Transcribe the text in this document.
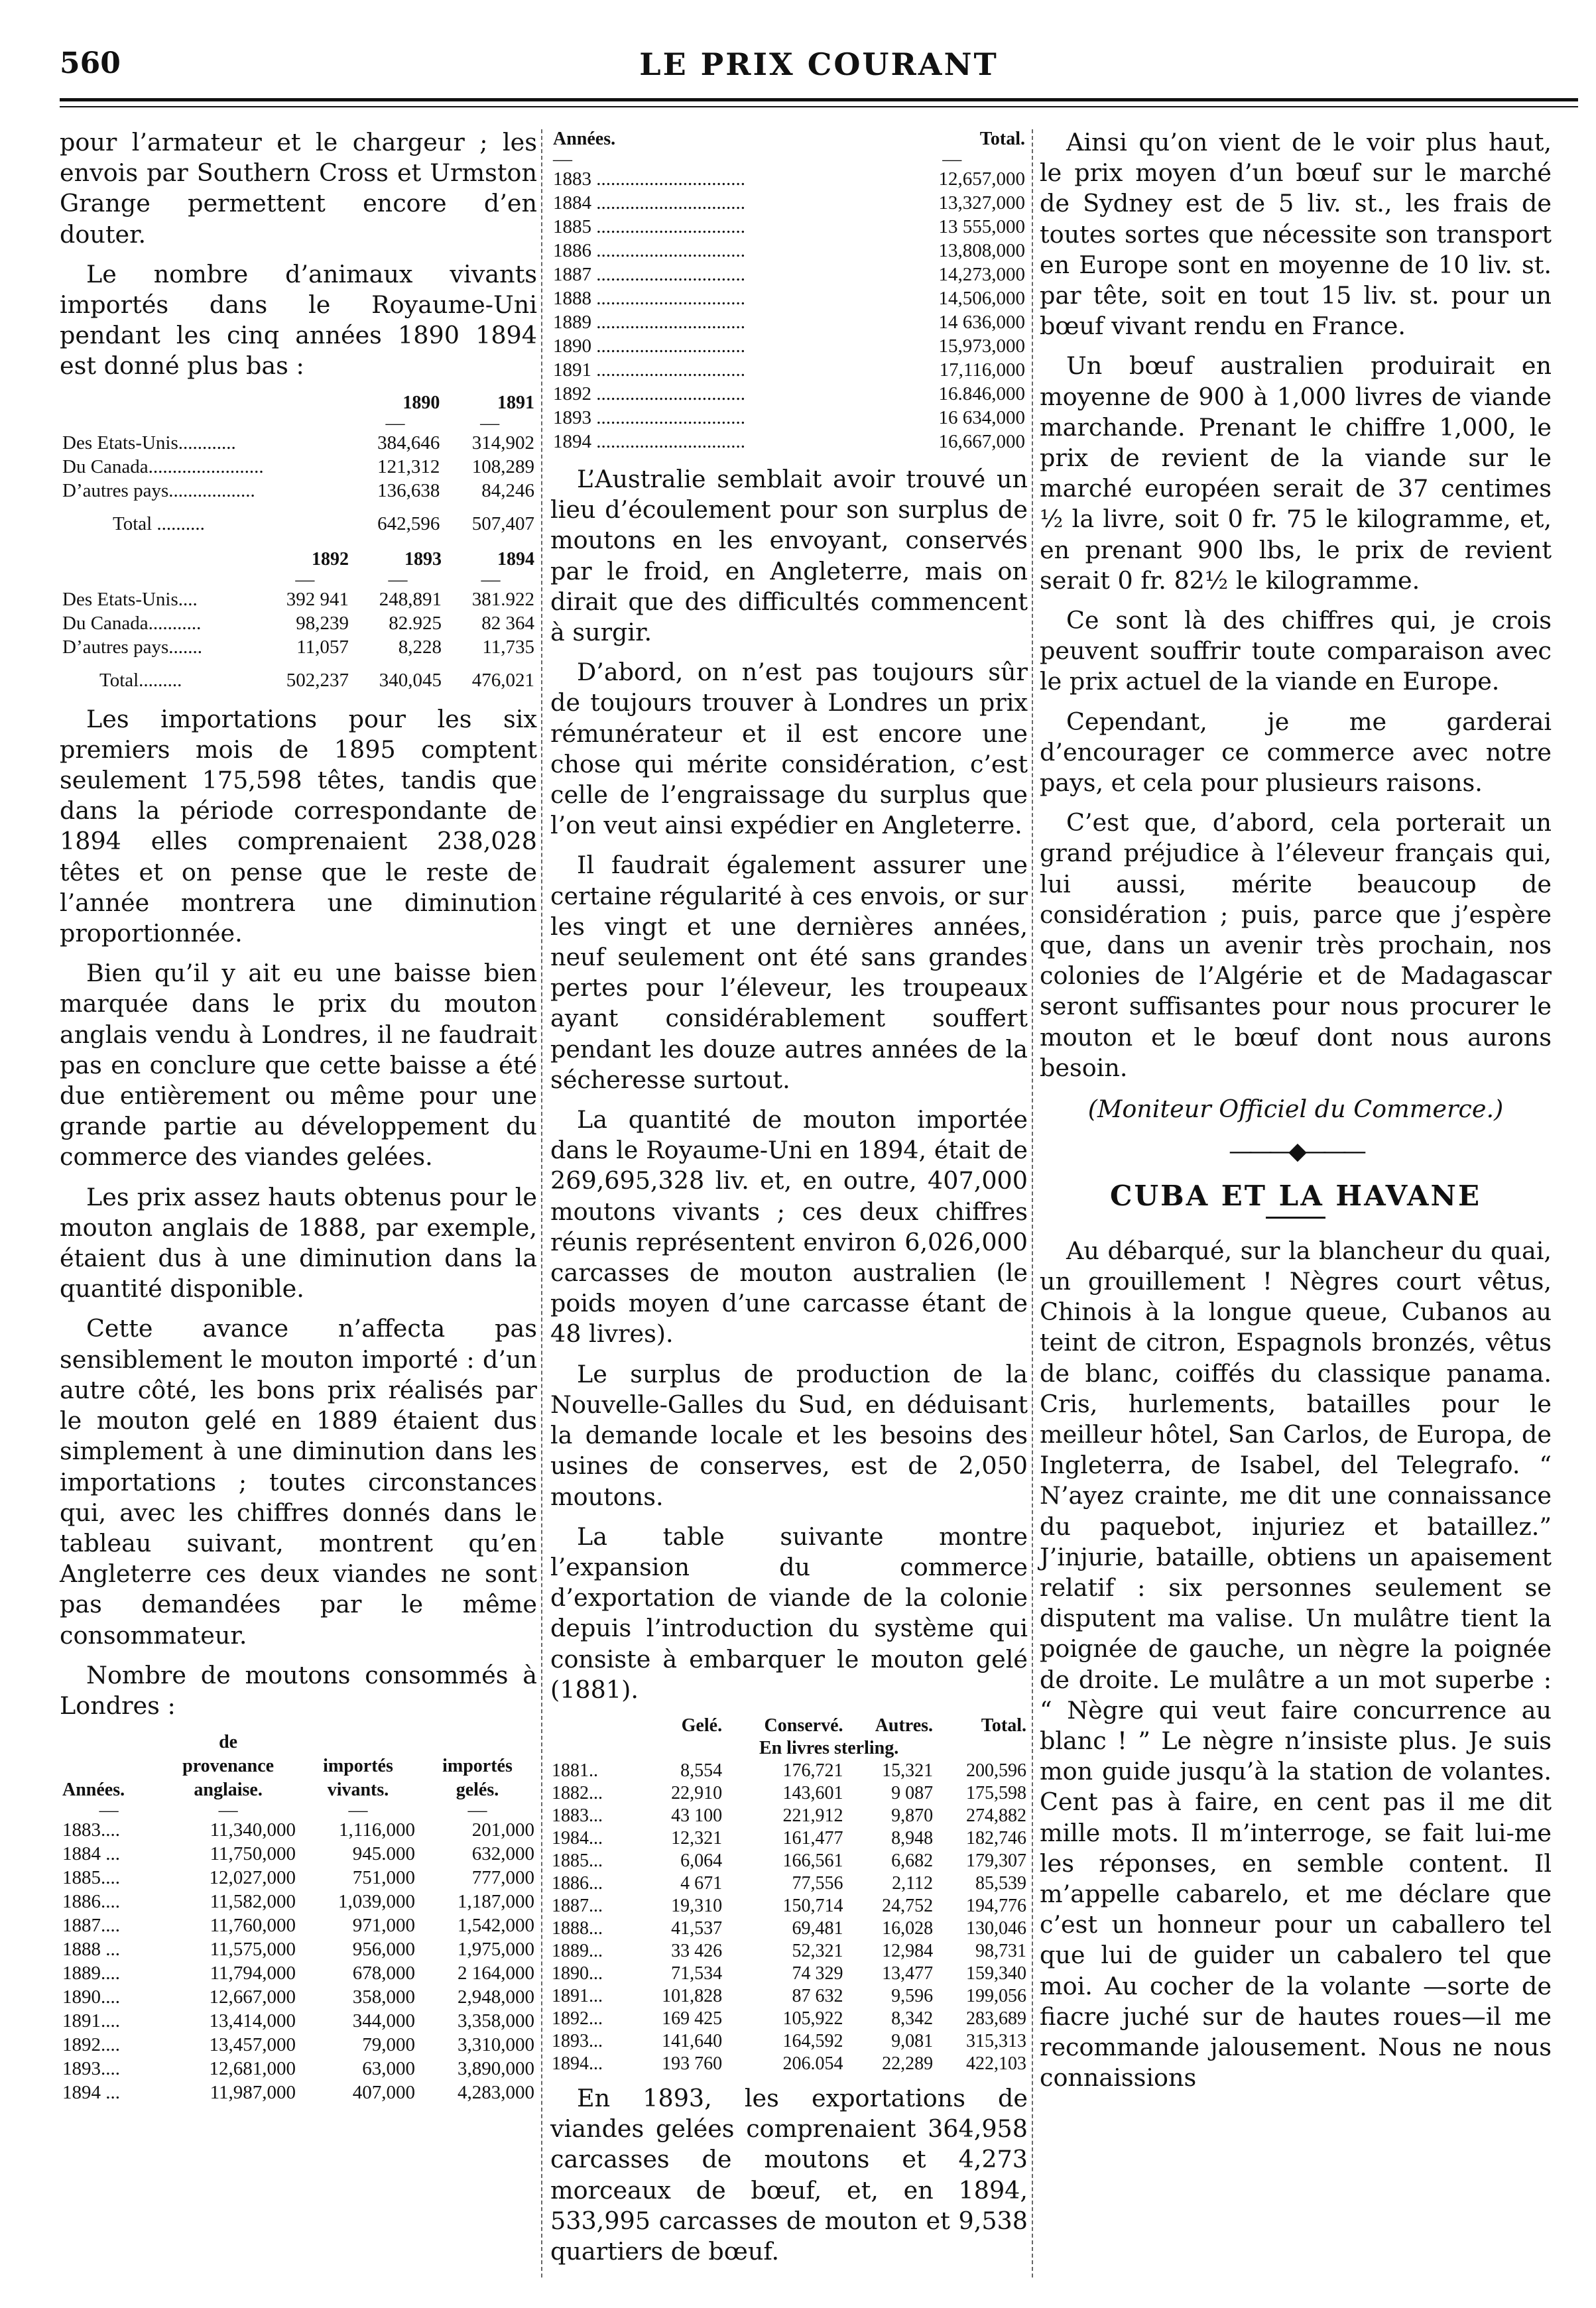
560	LE PRIX COURANT

pour l’armateur et le chargeur ; les envois par Southern Cross et Urmston Grange permettent encore d’en douter.

Le nombre d’animaux vivants importés dans le Royaume-Uni pendant les cinq années 1890 1894 est donné plus bas :

	1890	1891
	—	—
Des Etats-Unis............	384,646	314,902
Du Canada........................	121,312	108,289
D’autres pays..................	136,638	84,246
Total ..........	642,596	507,407
	1892	1893	1894
	—	—	—
Des Etats-Unis....	392 941	248,891	381.922
Du Canada...........	98,239	82.925	82 364
D’autres pays.......	11,057	8,228	11,735
Total.........	502,237	340,045	476,021

Les importations pour les six premiers mois de 1895 comptent seulement 175,598 têtes, tandis que dans la période correspondante de 1894 elles comprenaient 238,028 têtes et on pense que le reste de l’année montrera une diminution proportionnée.

Bien qu’il y ait eu une baisse bien marquée dans le prix du mouton anglais vendu à Londres, il ne faudrait pas en conclure que cette baisse a été due entièrement ou même pour une grande partie au développement du commerce des viandes gelées.

Les prix assez hauts obtenus pour le mouton anglais de 1888, par exemple, étaient dus à une diminution dans la quantité disponible.

Cette avance n’affecta pas sensiblement le mouton importé : d’un autre côté, les bons prix réalisés par le mouton gelé en 1889 étaient dus simplement à une diminution dans les importations ; toutes circonstances qui, avec les chiffres donnés dans le tableau suivant, montrent qu’en Angleterre ces deux viandes ne sont pas demandées par le même consommateur.

Nombre de moutons consommés à Londres :

	de		
	provenance	importés	importés
Années.	anglaise.	vivants.	gelés.
—	—	—	—
1883....	11,340,000	1,116,000	201,000
1884 ...	11,750,000	945.000	632,000
1885....	12,027,000	751,000	777,000
1886....	11,582,000	1,039,000	1,187,000
1887....	11,760,000	971,000	1,542,000
1888 ...	11,575,000	956,000	1,975,000
1889....	11,794,000	678,000	2 164,000
1890....	12,667,000	358,000	2,948,000
1891....	13,414,000	344,000	3,358,000
1892....	13,457,000	79,000	3,310,000
1893....	12,681,000	63,000	3,890,000
1894 ...	11,987,000	407,000	4,283,000
Années.	Total.
—	—
1883 ...............................	12,657,000
1884 ...............................	13,327,000
1885 ...............................	13 555,000
1886 ...............................	13,808,000
1887 ...............................	14,273,000
1888 ...............................	14,506,000
1889 ...............................	14 636,000
1890 ...............................	15,973,000
1891 ...............................	17,116,000
1892 ...............................	16.846,000
1893 ...............................	16 634,000
1894 ...............................	16,667,000

L’Australie semblait avoir trouvé un lieu d’écoulement pour son surplus de moutons en les envoyant, conservés par le froid, en Angleterre, mais on dirait que des difficultés commencent à surgir.

D’abord, on n’est pas toujours sûr de toujours trouver à Londres un prix rémunérateur et il est encore une chose qui mérite considération, c’est celle de l’engraissage du surplus que l’on veut ainsi expédier en Angleterre.

Il faudrait également assurer une certaine régularité à ces envois, or sur les vingt et une dernières années, neuf seulement ont été sans grandes pertes pour l’éleveur, les troupeaux ayant considérablement souffert pendant les douze autres années de la sécheresse surtout.

La quantité de mouton importée dans le Royaume-Uni en 1894, était de 269,695,328 liv. et, en outre, 407,000 moutons vivants ; ces deux chiffres réunis représentent environ 6,026,000 carcasses de mouton australien (le poids moyen d’une carcasse étant de 48 livres).

Le surplus de production de la Nouvelle-Galles du Sud, en déduisant la demande locale et les besoins des usines de conserves, est de 2,050 moutons.

La table suivante montre l’expansion du commerce d’exportation de viande de la colonie depuis l’introduction du système qui consiste à embarquer le mouton gelé (1881).

	Gelé.	Conservé.	Autres.	Total.
		En livres sterling.		
1881..	8,554	176,721	15,321	200,596
1882...	22,910	143,601	9 087	175,598
1883...	43 100	221,912	9,870	274,882
1984...	12,321	161,477	8,948	182,746
1885...	6,064	166,561	6,682	179,307
1886...	4 671	77,556	2,112	85,539
1887...	19,310	150,714	24,752	194,776
1888...	41,537	69,481	16,028	130,046
1889...	33 426	52,321	12,984	98,731
1890...	71,534	74 329	13,477	159,340
1891...	101,828	87 632	9,596	199,056
1892...	169 425	105,922	8,342	283,689
1893...	141,640	164,592	9,081	315,313
1894...	193 760	206.054	22,289	422,103

En 1893, les exportations de viandes gelées comprenaient 364,958 carcasses de moutons et 4,273 morceaux de bœuf, et, en 1894, 533,995 carcasses de mouton et 9,538 quartiers de bœuf.

Ainsi qu’on vient de le voir plus haut, le prix moyen d’un bœuf sur le marché de Sydney est de 5 liv. st., les frais de toutes sortes que nécessite son transport en Europe sont en moyenne de 10 liv. st. par tête, soit en tout 15 liv. st. pour un bœuf vivant rendu en France.

Un bœuf australien produirait en moyenne de 900 à 1,000 livres de viande marchande. Prenant le chiffre 1,000, le prix de revient de la viande sur le marché européen serait de 37 centimes ½ la livre, soit 0 fr. 75 le kilogramme, et, en prenant 900 lbs, le prix de revient serait 0 fr. 82½ le kilogramme.

Ce sont là des chiffres qui, je crois peuvent souffrir toute comparaison avec le prix actuel de la viande en Europe.

Cependant, je me garderai d’encourager ce commerce avec notre pays, et cela pour plusieurs raisons.

C’est que, d’abord, cela porterait un grand préjudice à l’éleveur français qui, lui aussi, mérite beaucoup de considération ; puis, parce que j’espère que, dans un avenir très prochain, nos colonies de l’Algérie et de Madagascar seront suffisantes pour nous procurer le mouton et le bœuf dont nous aurons besoin.

(Moniteur Officiel du Commerce.)
———◆———
CUBA ET LA HAVANE

Au débarqué, sur la blancheur du quai, un grouillement ! Nègres court vêtus, Chinois à la longue queue, Cubanos au teint de citron, Espagnols bronzés, vêtus de blanc, coiffés du classique panama. Cris, hurlements, batailles pour le meilleur hôtel, San Carlos, de Europa, de Ingleterra, de Isabel, del Telegrafo. “ N’ayez crainte, me dit une connaissance du paquebot, injuriez et bataillez.” J’injurie, bataille, obtiens un apaisement relatif : six personnes seulement se disputent ma valise. Un mulâtre tient la poignée de gauche, un nègre la poignée de droite. Le mulâtre a un mot superbe : “ Nègre qui veut faire concurrence au blanc ! ” Le nègre n’insiste plus. Je suis mon guide jusqu’à la station de volantes. Cent pas à faire, en cent pas il me dit mille mots. Il m’interroge, se fait lui-me les réponses, en semble content. Il m’appelle cabarelo, et me déclare que c’est un honneur pour un caballero tel que lui de guider un cabalero tel que moi. Au cocher de la volante —sorte de fiacre juché sur de hautes roues—il me recommande jalousement. Nous ne nous connaissions
